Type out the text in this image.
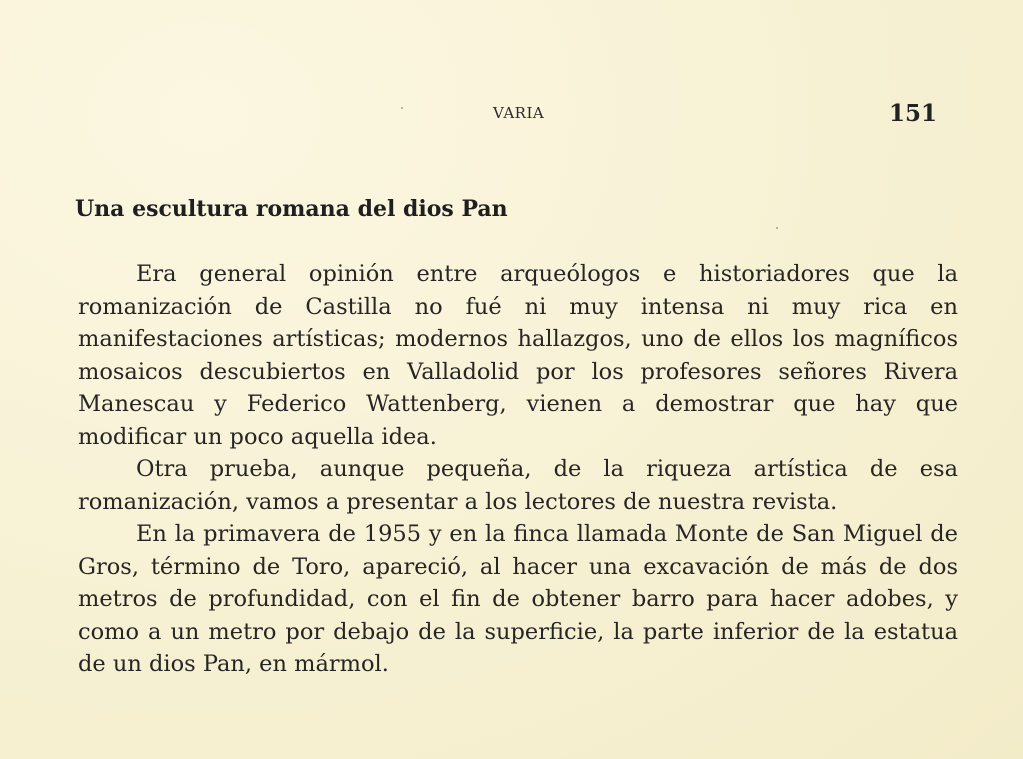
VARIA	151
Una escultura romana del dios Pan

Era general opinión entre arqueólogos e historiadores que la romanización de Castilla no fué ni muy intensa ni muy rica en manifestaciones artísticas; modernos hallazgos, uno de ellos los magníficos mosaicos descubiertos en Valladolid por los profesores señores Rivera Manescau y Federico Wattenberg, vienen a demostrar que hay que modificar un poco aquella idea.

Otra prueba, aunque pequeña, de la riqueza artística de esa romanización, vamos a presentar a los lectores de nuestra revista.

En la primavera de 1955 y en la finca llamada Monte de San Miguel de Gros, término de Toro, apareció, al hacer una excavación de más de dos metros de profundidad, con el fin de obtener barro para hacer adobes, y como a un metro por debajo de la superficie, la parte inferior de la estatua de un dios Pan, en mármol.
